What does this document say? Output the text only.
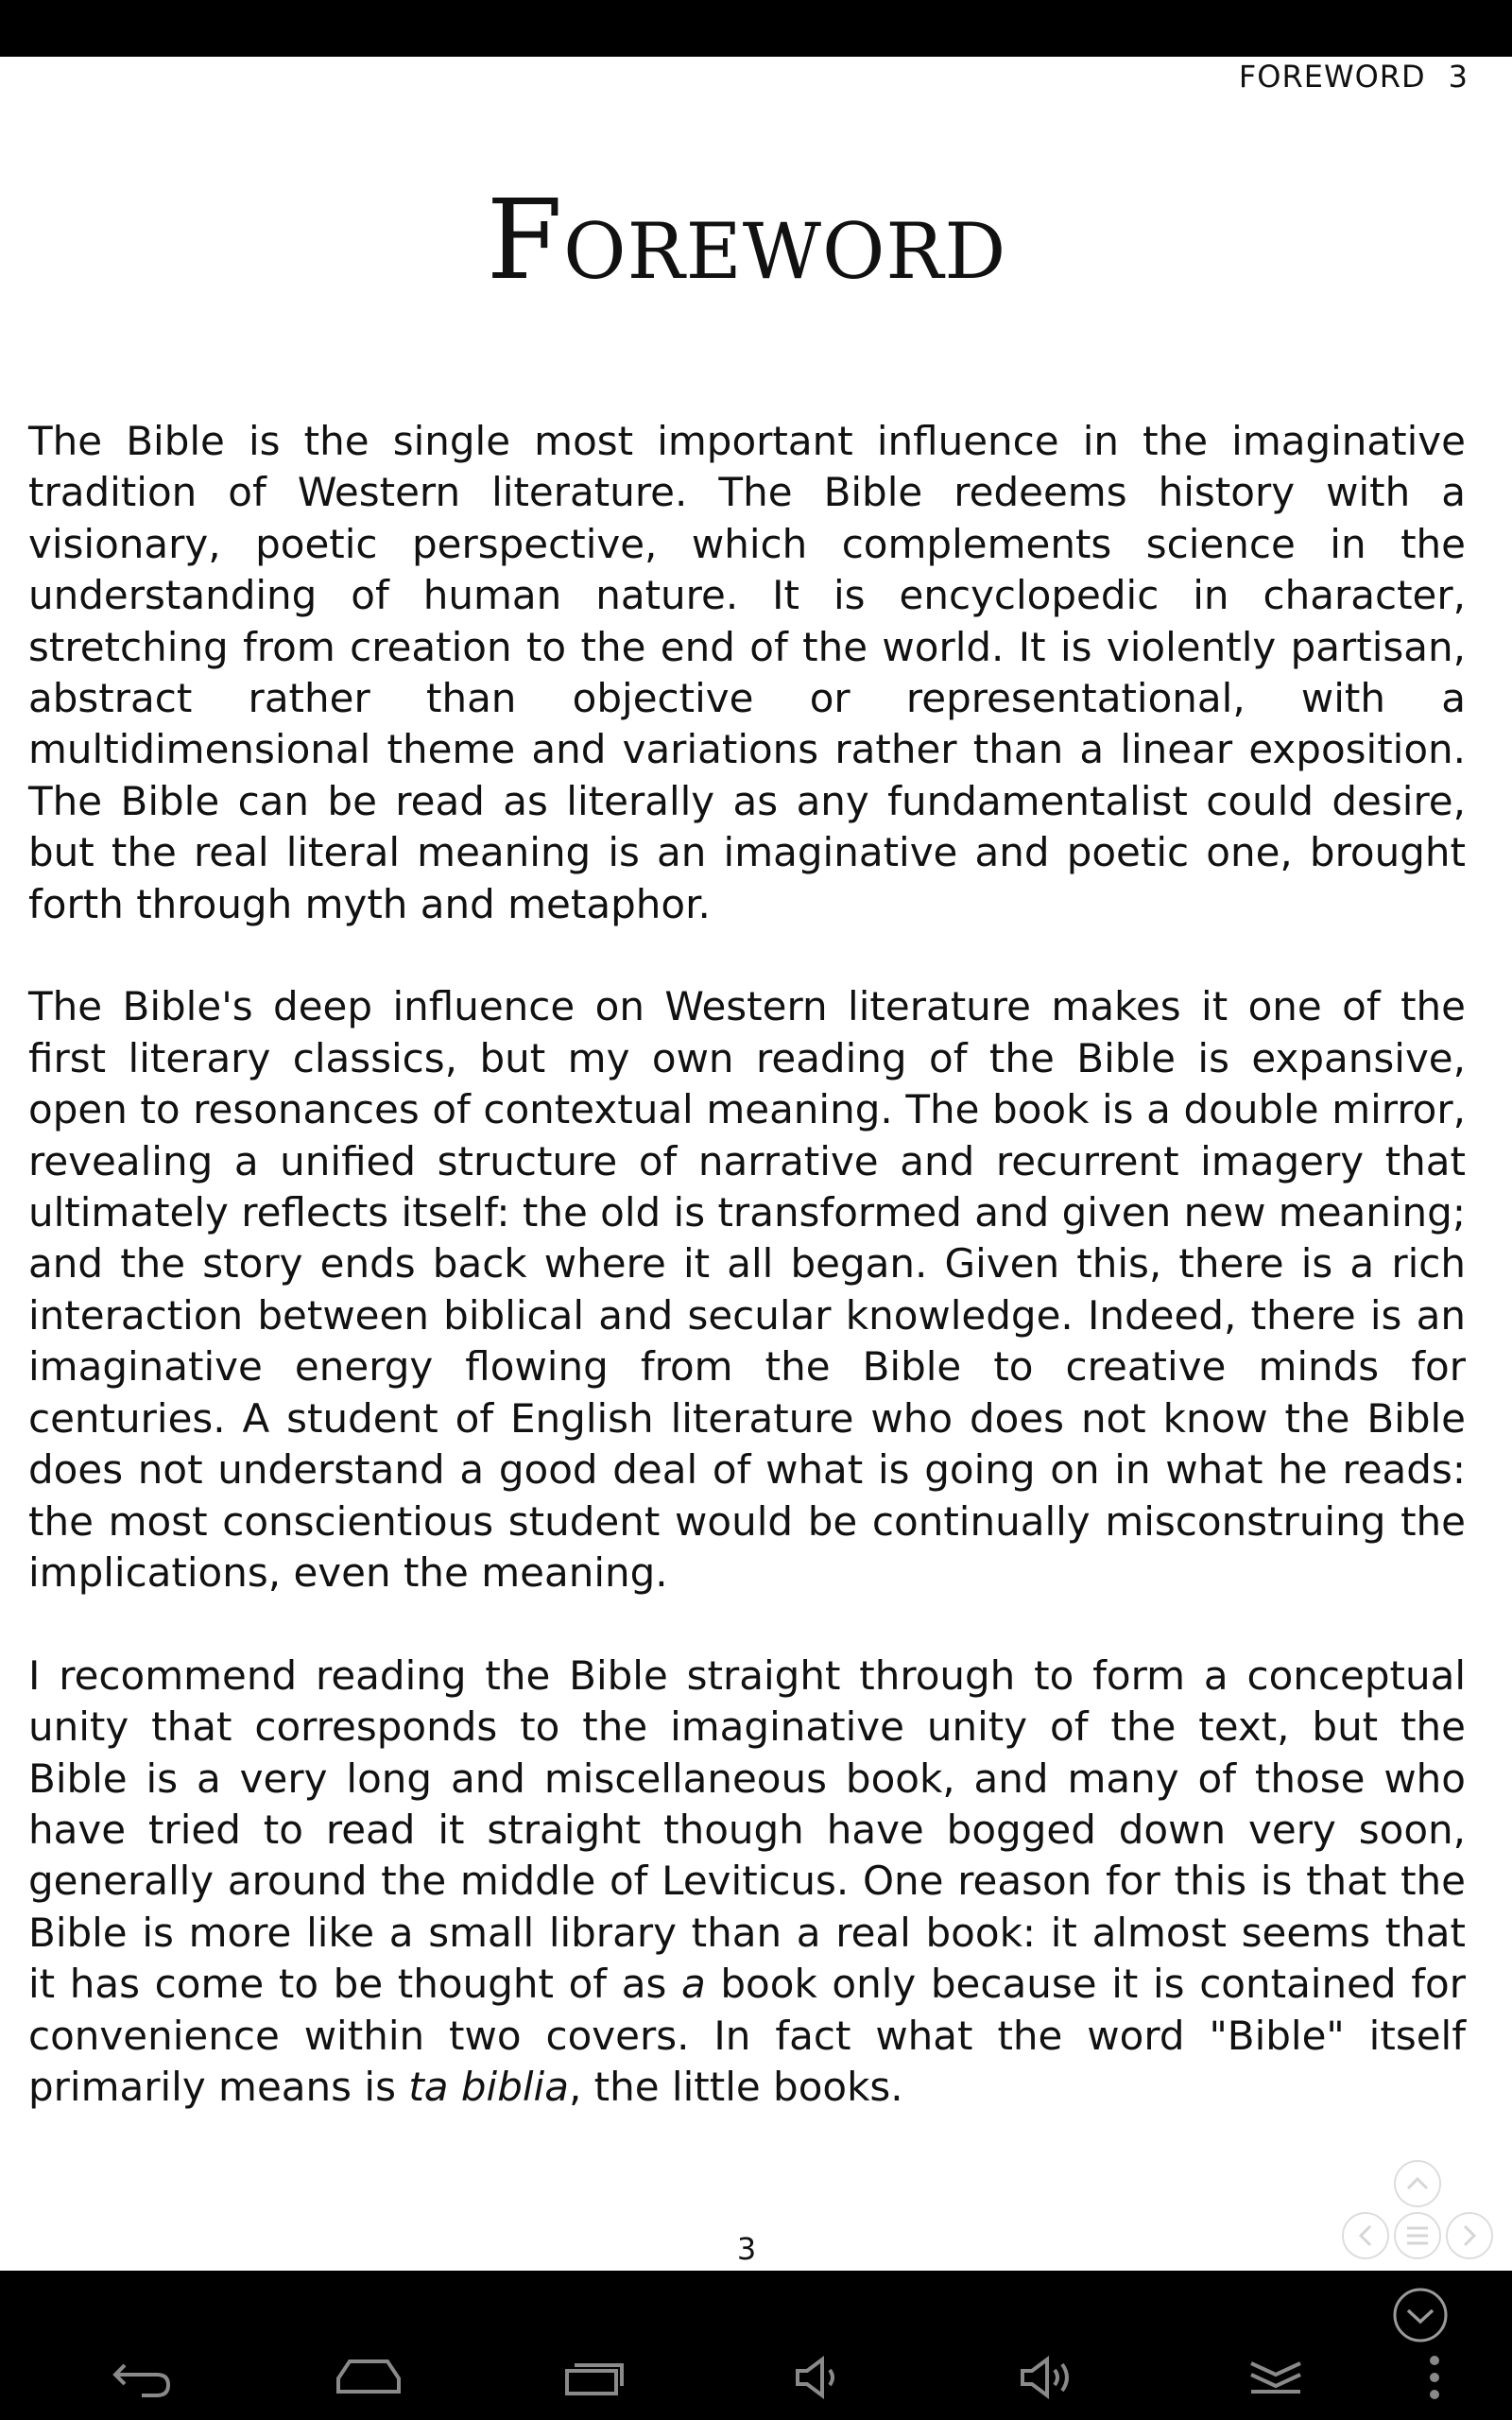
FOREWORD 3
Foreword

The Bible is the single most important influence in the imaginative tradition of Western literature. The Bible redeems history with a visionary, poetic perspective, which complements science in the understanding of human nature. It is encyclopedic in character, stretching from creation to the end of the world. It is violently partisan, abstract rather than objective or representational, with a multidimensional theme and variations rather than a linear exposition. The Bible can be read as literally as any fundamentalist could desire, but the real literal meaning is an imaginative and poetic one, brought forth through myth and metaphor.

The Bible's deep influence on Western literature makes it one of the first literary classics, but my own reading of the Bible is expansive, open to resonances of contextual meaning. The book is a double mirror, revealing a unified structure of narrative and recurrent imagery that ultimately reflects itself: the old is transformed and given new meaning; and the story ends back where it all began. Given this, there is a rich interaction between biblical and secular knowledge. Indeed, there is an imaginative energy flowing from the Bible to creative minds for centuries. A student of English literature who does not know the Bible does not understand a good deal of what is going on in what he reads: the most conscientious student would be continually misconstruing the implications, even the meaning.

I recommend reading the Bible straight through to form a conceptual unity that corresponds to the imaginative unity of the text, but the Bible is a very long and miscellaneous book, and many of those who have tried to read it straight though have bogged down very soon, generally around the middle of Leviticus. One reason for this is that the Bible is more like a small library than a real book: it almost seems that it has come to be thought of as a book only because it is contained for convenience within two covers. In fact what the word "Bible" itself primarily means is ta biblia, the little books.

3
